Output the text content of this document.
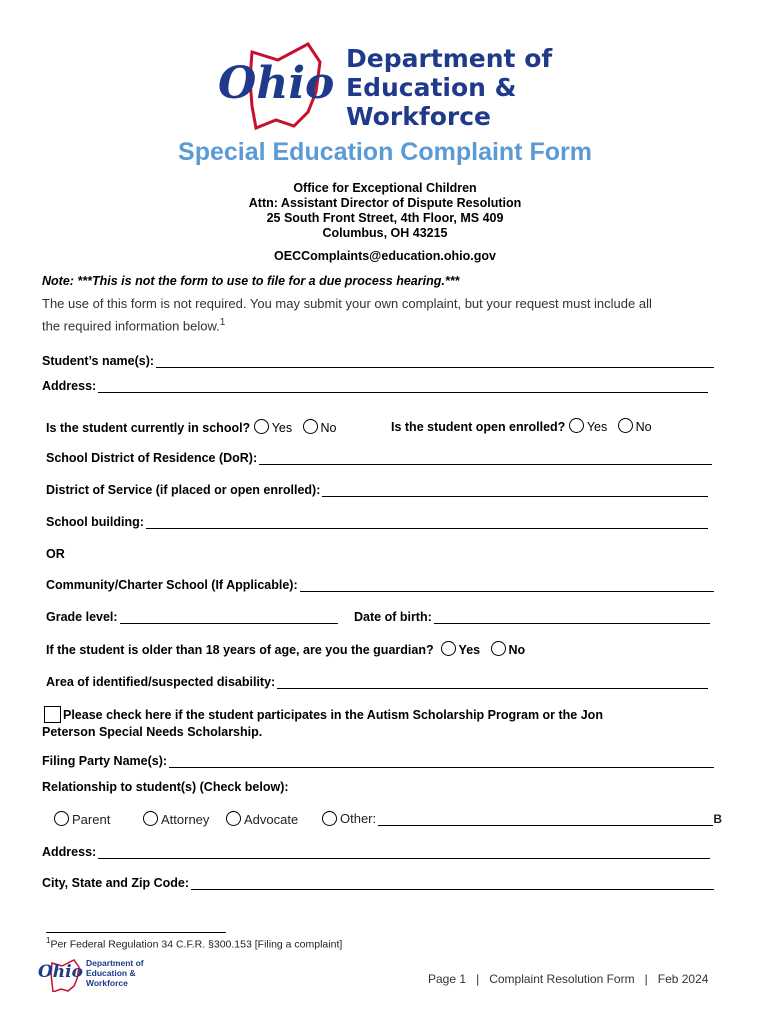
Ohio Department of
Education &
Workforce
Special Education Complaint Form
Office for Exceptional Children
Attn: Assistant Director of Dispute Resolution
25 South Front Street, 4th Floor, MS 409
Columbus, OH 43215
OECComplaints@education.ohio.gov
Note: ***This is not the form to use to file for a due process hearing.***
The use of this form is not required. You may submit your own complaint, but your request must include all
the required information below.$^1$
Student’s name(s):
Address:
Is the student currently in school? Yes No	Is the student open enrolled? Yes No
School District of Residence (DoR):
District of Service (if placed or open enrolled):
School building:
OR
Community/Charter School (If Applicable):
Grade level:	Date of birth:
If the student is older than 18 years of age, are you the guardian? Yes No
Area of identified/suspected disability:
Please check here if the student participates in the Autism Scholarship Program or the Jon
Peterson Special Needs Scholarship.
Filing Party Name(s):
Relationship to student(s) (Check below):
Parent	Attorney	Advocate	Other:	B
Address:
City, State and Zip Code:
$^1$Per Federal Regulation 34 C.F.R. §300.153 [Filing a complaint]
Ohio Department of
Education &
Workforce	Page 1 | Complaint Resolution Form | Feb 2024
